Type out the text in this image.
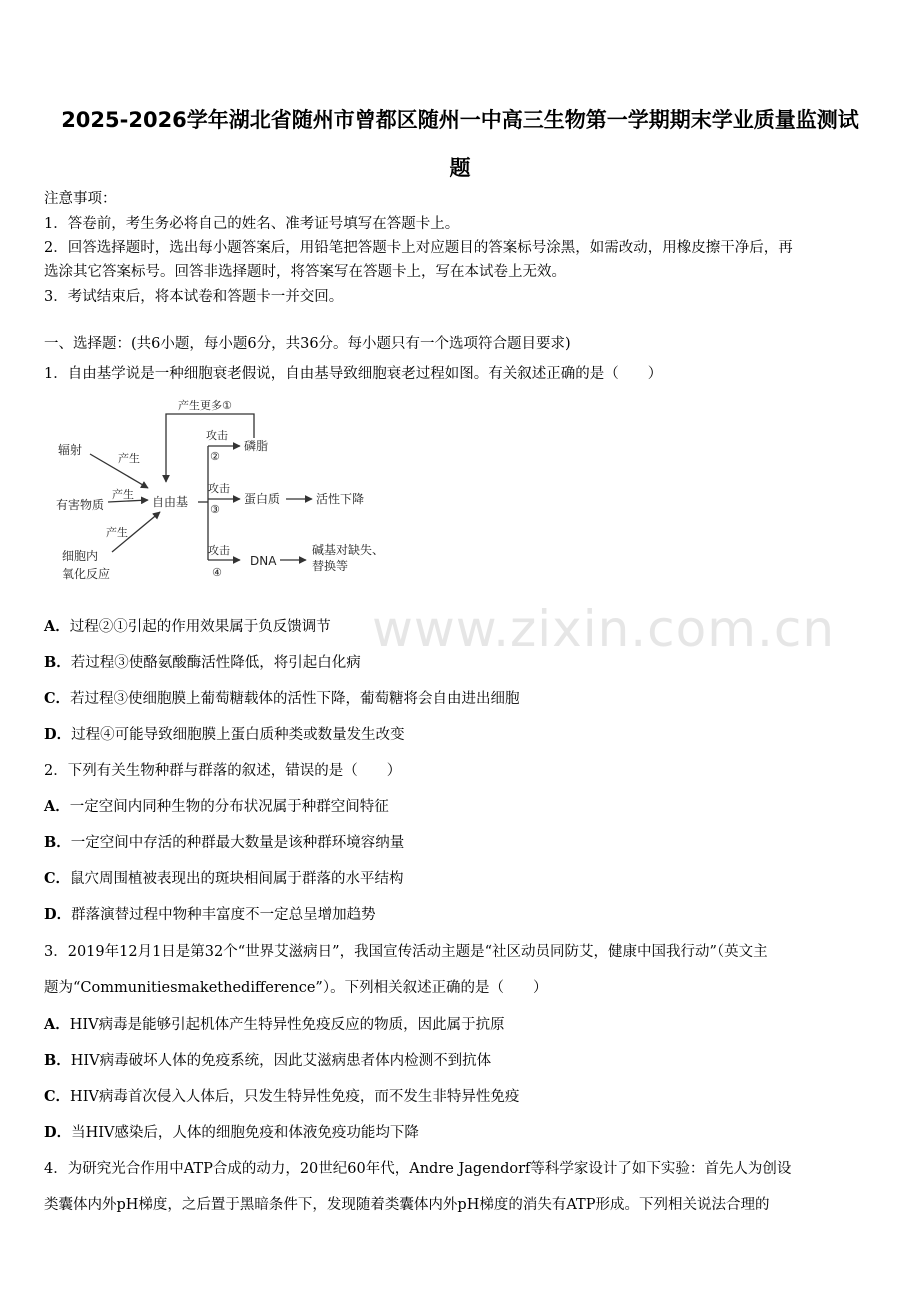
www.zixin.com.cn
2025-2026学年湖北省随州市曾都区随州一中高三生物第一学期期末学业质量监测试
题
注意事项：
1．答卷前，考生务必将自己的姓名、准考证号填写在答题卡上。
2．回答选择题时，选出每小题答案后，用铅笔把答题卡上对应题目的答案标号涂黑，如需改动，用橡皮擦干净后，再
选涂其它答案标号。回答非选择题时，将答案写在答题卡上，写在本试卷上无效。
3．考试结束后，将本试卷和答题卡一并交回。
一、选择题：(共6小题，每小题6分，共36分。每小题只有一个选项符合题目要求)
1．自由基学说是一种细胞衰老假说，自由基导致细胞衰老过程如图。有关叙述正确的是（　　）
辐射
产生
有害物质
产生
细胞内
氧化反应
产生
自由基
产生更多①
攻击
②
磷脂
攻击
③
蛋白质	活性下降
攻击
④
DNA
碱基对缺失、
替换等
A．过程②①引起的作用效果属于负反馈调节
B．若过程③使酪氨酸酶活性降低，将引起白化病
C．若过程③使细胞膜上葡萄糖载体的活性下降，葡萄糖将会自由进出细胞
D．过程④可能导致细胞膜上蛋白质种类或数量发生改变
2．下列有关生物种群与群落的叙述，错误的是（　　）
A．一定空间内同种生物的分布状况属于种群空间特征
B．一定空间中存活的种群最大数量是该种群环境容纳量
C．鼠穴周围植被表现出的斑块相间属于群落的水平结构
D．群落演替过程中物种丰富度不一定总呈增加趋势
3．2019年12月1日是第32个“世界艾滋病日”，我国宣传活动主题是“社区动员同防艾，健康中国我行动”（英文主
题为“Communitiesmakethedifference”）。下列相关叙述正确的是（　　）
A．HIV病毒是能够引起机体产生特异性免疫反应的物质，因此属于抗原
B．HIV病毒破坏人体的免疫系统，因此艾滋病患者体内检测不到抗体
C．HIV病毒首次侵入人体后，只发生特异性免疫，而不发生非特异性免疫
D．当HIV感染后，人体的细胞免疫和体液免疫功能均下降
4．为研究光合作用中ATP合成的动力，20世纪60年代，Andre Jagendorf等科学家设计了如下实验：首先人为创设
类囊体内外pH梯度，之后置于黑暗条件下，发现随着类囊体内外pH梯度的消失有ATP形成。下列相关说法合理的
